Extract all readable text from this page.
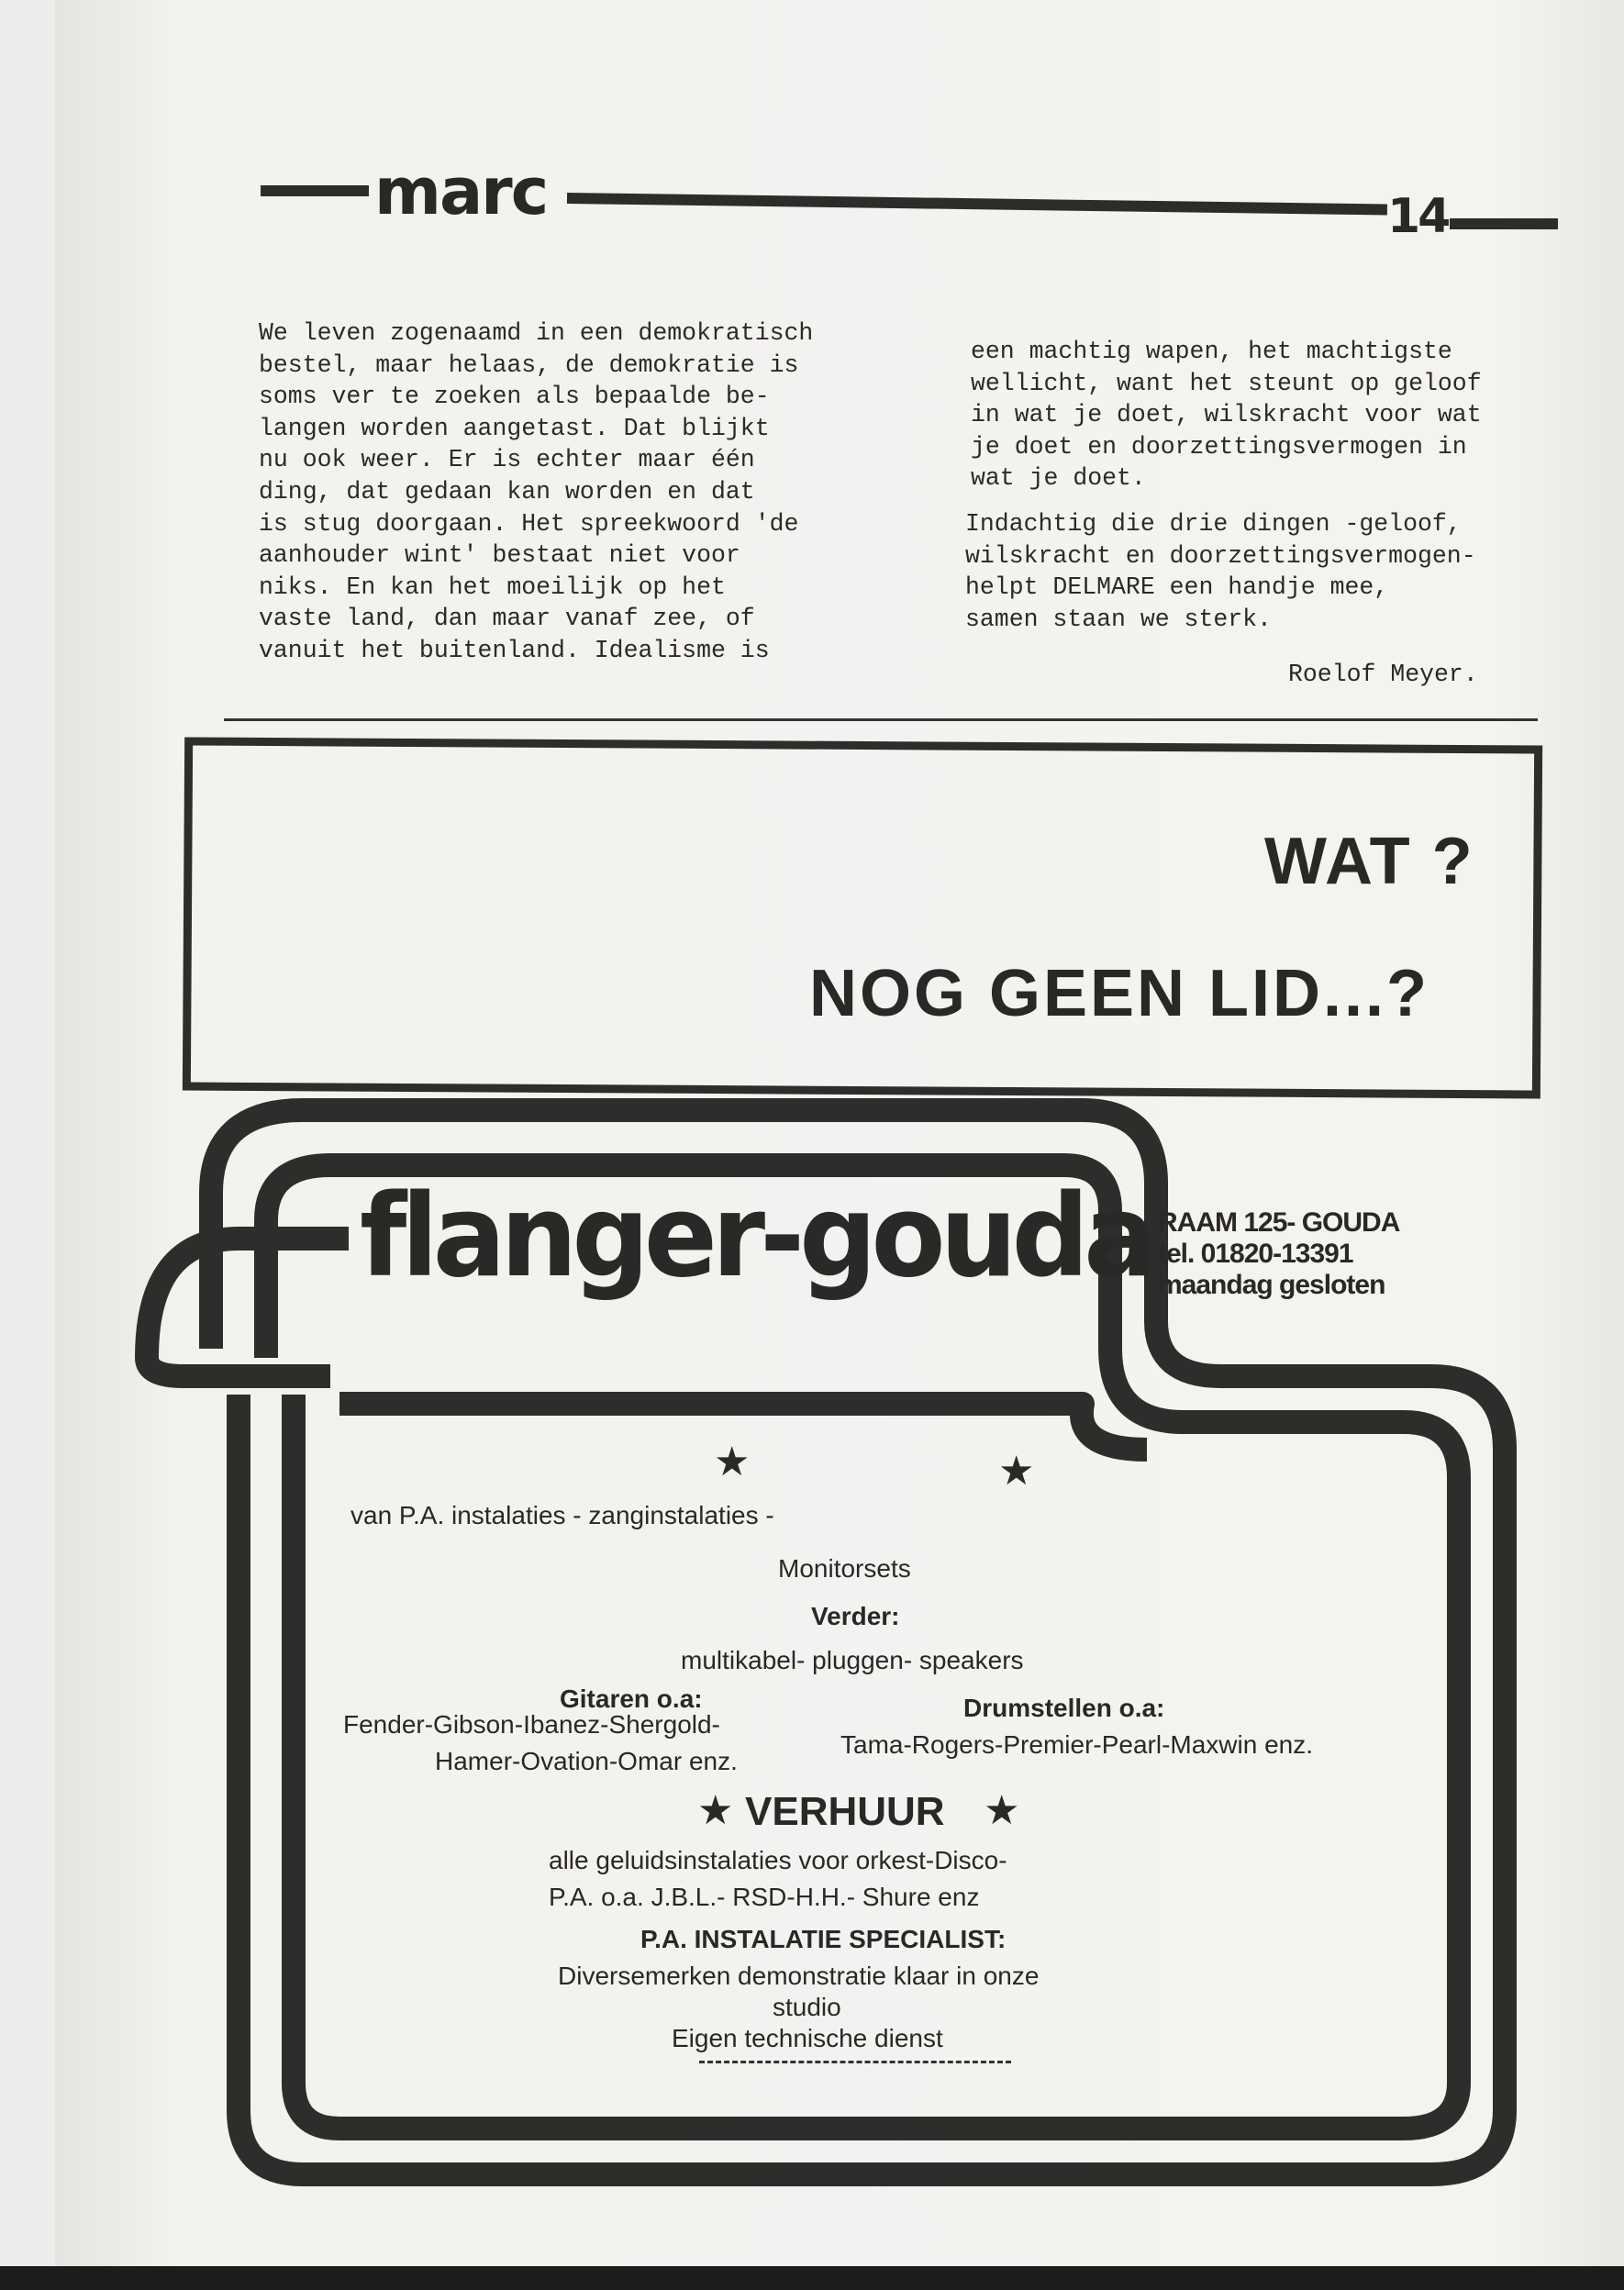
marc	14
We leven zogenaamd in een demokratisch
bestel, maar helaas, de demokratie is
soms ver te zoeken als bepaalde be-
langen worden aangetast. Dat blijkt
nu ook weer. Er is echter maar één
ding, dat gedaan kan worden en dat
is stug doorgaan. Het spreekwoord 'de
aanhouder wint' bestaat niet voor
niks. En kan het moeilijk op het
vaste land, dan maar vanaf zee, of
vanuit het buitenland. Idealisme is
een machtig wapen, het machtigste
wellicht, want het steunt op geloof
in wat je doet, wilskracht voor wat
je doet en doorzettingsvermogen in
wat je doet.
Indachtig die drie dingen -geloof,
wilskracht en doorzettingsvermogen-
helpt DELMARE een handje mee,
samen staan we sterk.
Roelof Meyer.
WAT ?
NOG GEEN LID...?
flanger-gouda RAAM 125- GOUDA
tel. 01820-13391
maandag gesloten
★	★
van P.A. instalaties - zanginstalaties -
Monitorsets
Verder:
multikabel- pluggen- speakers
Gitaren o.a:
Fender-Gibson-Ibanez-Shergold-
Hamer-Ovation-Omar enz.
Drumstellen o.a:
Tama-Rogers-Premier-Pearl-Maxwin enz.
★ VERHUUR ★
alle geluidsinstalaties voor orkest-Disco-
P.A. o.a. J.B.L.- RSD-H.H.- Shure enz
P.A. INSTALATIE SPECIALIST:
Diversemerken demonstratie klaar in onze
studio
Eigen technische dienst
